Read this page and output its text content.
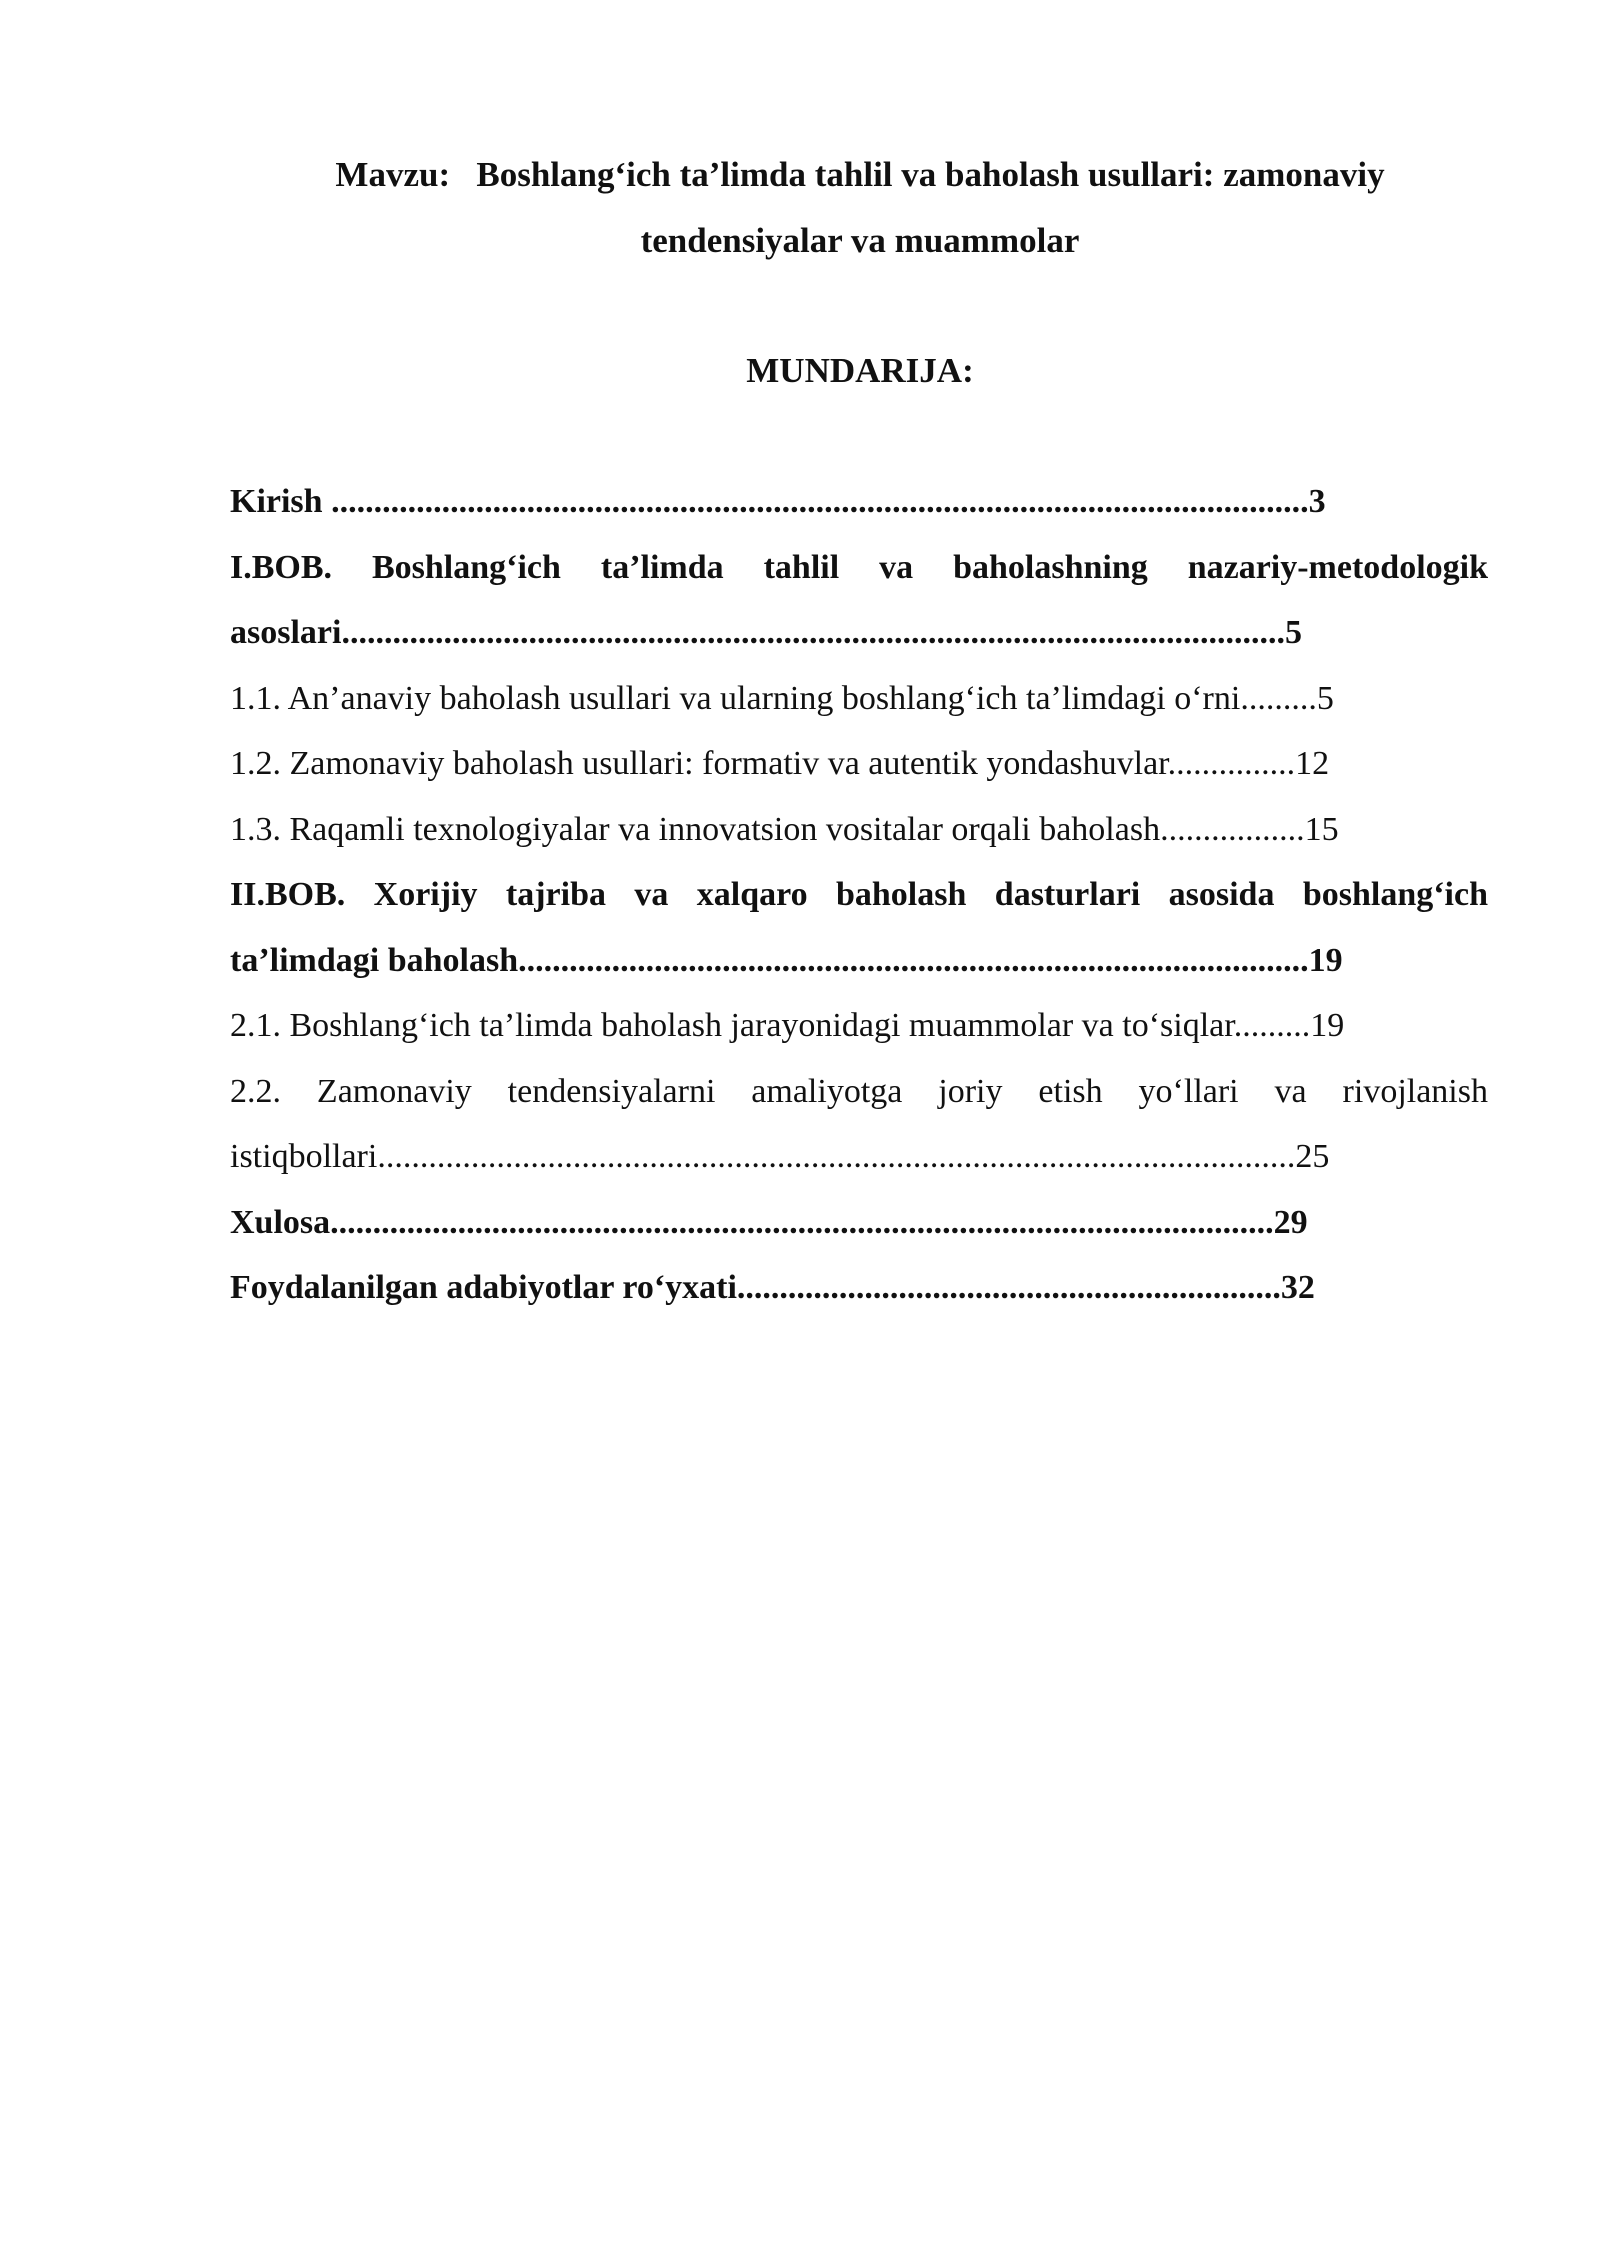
Mavzu:   Boshlang‘ich ta’limda tahlil va baholash usullari: zamonaviy
tendensiyalar va muammolar
MUNDARIJA:
Kirish ...................................................................................................................3
I.BOB. Boshlang‘ich ta’limda tahlil va baholashning nazariy-metodologik
asoslari...............................................................................................................5
1.1. An’anaviy baholash usullari va ularning boshlang‘ich ta’limdagi o‘rni.........5
1.2. Zamonaviy baholash usullari: formativ va autentik yondashuvlar...............12
1.3. Raqamli texnologiyalar va innovatsion vositalar orqali baholash.................15
II.BOB. Xorijiy tajriba va xalqaro baholash dasturlari asosida boshlang‘ich
ta’limdagi baholash.............................................................................................19
2.1. Boshlang‘ich ta’limda baholash jarayonidagi muammolar va to‘siqlar.........19
2.2. Zamonaviy tendensiyalarni amaliyotga joriy etish yo‘llari va rivojlanish
istiqbollari............................................................................................................25
Xulosa...............................................................................................................29
Foydalanilgan adabiyotlar ro‘yxati................................................................32
